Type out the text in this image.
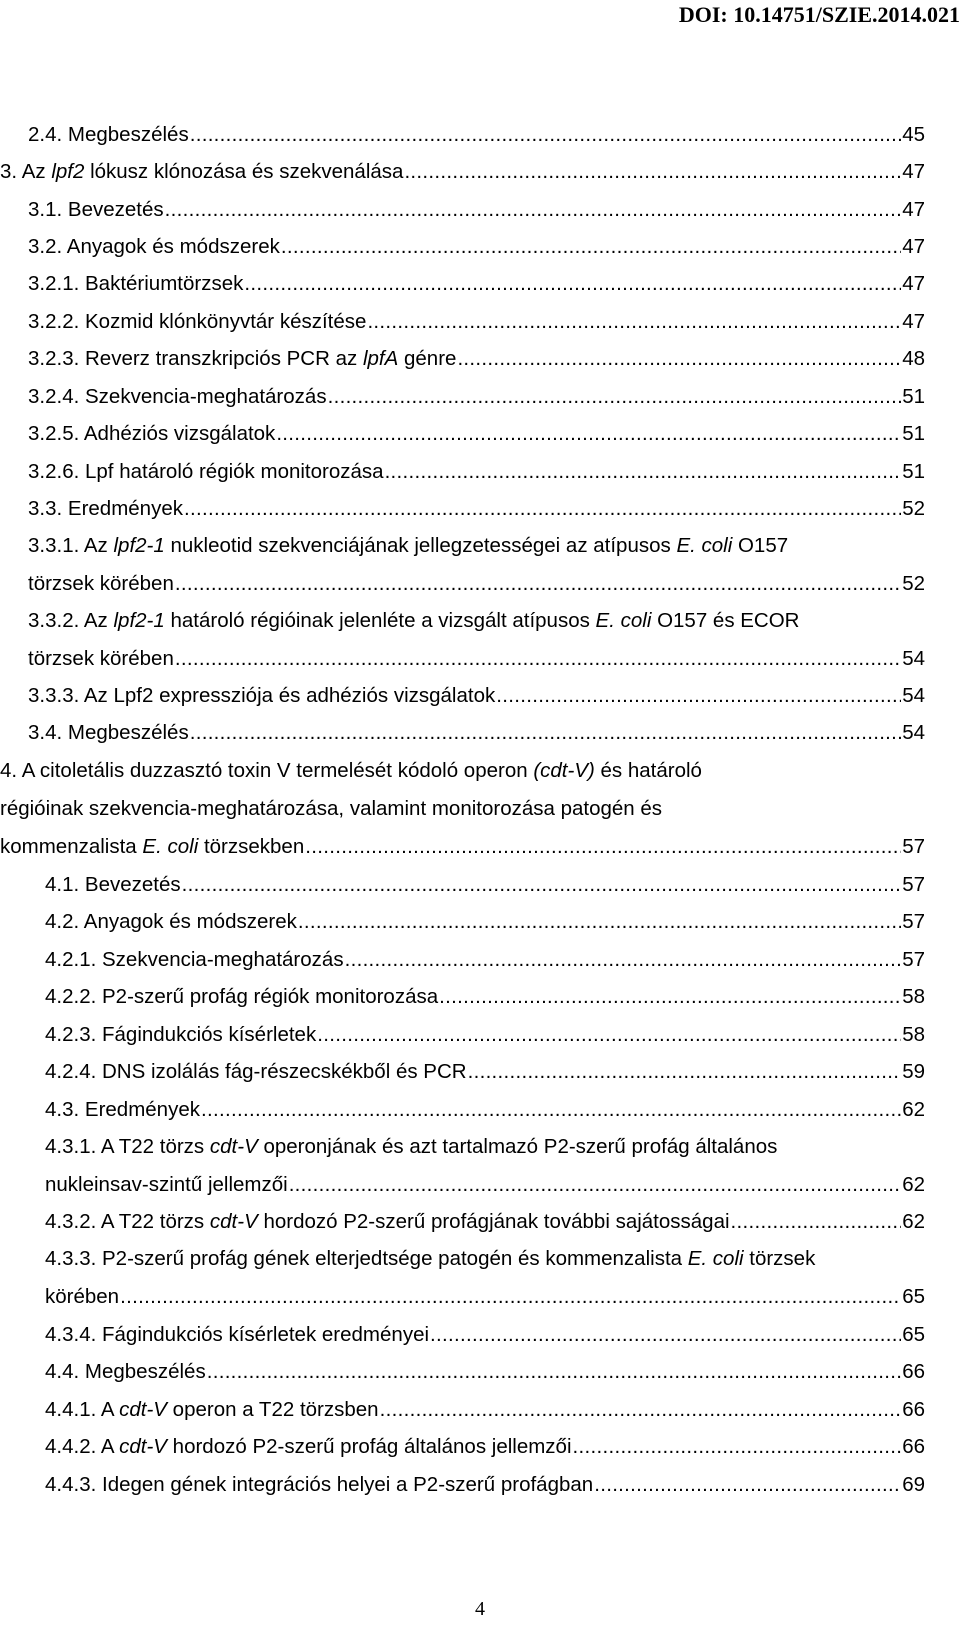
DOI: 10.14751/SZIE.2014.021
2.4. Megbeszélés .....	45
3. Az lpf2 lókusz klónozása és szekvenálása .....	47
3.1. Bevezetés .....	47
3.2. Anyagok és módszerek .....	47
3.2.1. Baktériumtörzsek .....	47
3.2.2. Kozmid klónkönyvtár készítése .....	47
3.2.3. Reverz transzkripciós PCR az lpfA génre .....	48
3.2.4. Szekvencia-meghatározás .....	51
3.2.5. Adhéziós vizsgálatok .....	51
3.2.6. Lpf határoló régiók monitorozása .....	51
3.3. Eredmények .....	52
3.3.1. Az lpf2-1 nukleotid szekvenciájának jellegzetességei az atípusos E. coli O157
törzsek körében .....	52
3.3.2. Az lpf2-1 határoló régióinak jelenléte a vizsgált atípusos E. coli O157 és ECOR
törzsek körében .....	54
3.3.3. Az Lpf2 expressziója és adhéziós vizsgálatok .....	54
3.4. Megbeszélés .....	54
4. A citoletális duzzasztó toxin V termelését kódoló operon (cdt-V) és határoló
régióinak szekvencia-meghatározása, valamint monitorozása patogén és
kommenzalista E. coli törzsekben .....	57
4.1. Bevezetés .....	57
4.2. Anyagok és módszerek .....	57
4.2.1. Szekvencia-meghatározás .....	57
4.2.2. P2-szerű profág régiók monitorozása .....	58
4.2.3. Fágindukciós kísérletek .....	58
4.2.4. DNS izolálás fág-részecskékből és PCR .....	59
4.3. Eredmények .....	62
4.3.1. A T22 törzs cdt-V operonjának és azt tartalmazó P2-szerű profág általános
nukleinsav-szintű jellemzői .....	62
4.3.2. A T22 törzs cdt-V hordozó P2-szerű profágjának további sajátosságai .....	62
4.3.3. P2-szerű profág gének elterjedtsége patogén és kommenzalista E. coli törzsek
körében .....	65
4.3.4. Fágindukciós kísérletek eredményei .....	65
4.4. Megbeszélés .....	66
4.4.1. A cdt-V operon a T22 törzsben .....	66
4.4.2. A cdt-V hordozó P2-szerű profág általános jellemzői .....	66
4.4.3. Idegen gének integrációs helyei a P2-szerű profágban .....	69
4
